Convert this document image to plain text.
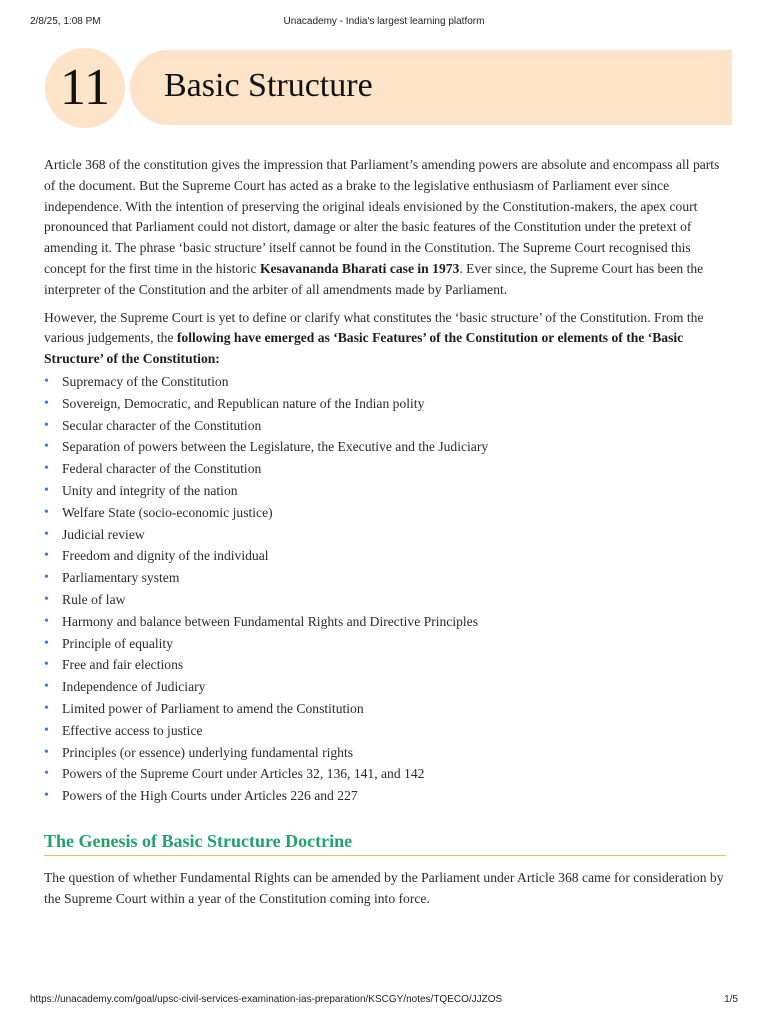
2/8/25, 1:08 PM	Unacademy - India's largest learning platform
11	Basic Structure

Article 368 of the constitution gives the impression that Parliament’s amending powers are absolute and encompass all parts of the document. But the Supreme Court has acted as a brake to the legislative enthusiasm of Parliament ever since independence. With the intention of preserving the original ideals envisioned by the Constitution-makers, the apex court pronounced that Parliament could not distort, damage or alter the basic features of the Constitution under the pretext of amending it. The phrase ‘basic structure’ itself cannot be found in the Constitution. The Supreme Court recognised this concept for the first time in the historic Kesavananda Bharati case in 1973. Ever since, the Supreme Court has been the interpreter of the Constitution and the arbiter of all amendments made by Parliament.

However, the Supreme Court is yet to define or clarify what constitutes the ‘basic structure’ of the Constitution. From the various judgements, the following have emerged as ‘Basic Features’ of the Constitution or elements of the ‘Basic Structure’ of the Constitution:

• Supremacy of the Constitution
• Sovereign, Democratic, and Republican nature of the Indian polity
• Secular character of the Constitution
• Separation of powers between the Legislature, the Executive and the Judiciary
• Federal character of the Constitution
• Unity and integrity of the nation
• Welfare State (socio-economic justice)
• Judicial review
• Freedom and dignity of the individual
• Parliamentary system
• Rule of law
• Harmony and balance between Fundamental Rights and Directive Principles
• Principle of equality
• Free and fair elections
• Independence of Judiciary
• Limited power of Parliament to amend the Constitution
• Effective access to justice
• Principles (or essence) underlying fundamental rights
• Powers of the Supreme Court under Articles 32, 136, 141, and 142
• Powers of the High Courts under Articles 226 and 227
The Genesis of Basic Structure Doctrine

The question of whether Fundamental Rights can be amended by the Parliament under Article 368 came for consideration by the Supreme Court within a year of the Constitution coming into force.

https://unacademy.com/goal/upsc-civil-services-examination-ias-preparation/KSCGY/notes/TQECO/JJZOS	1/5
